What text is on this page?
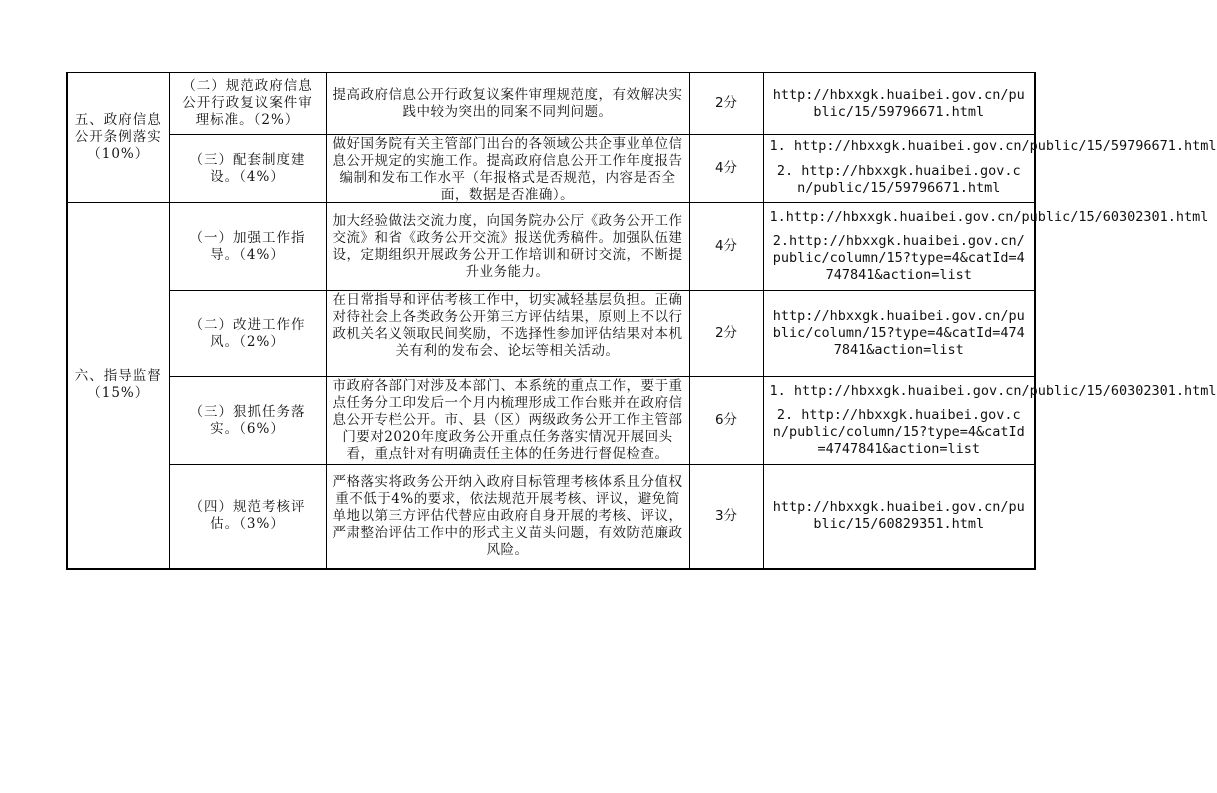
五、政府信息公开条例落实（10%）	（二）规范政府信息公开行政复议案件审理标准。（2%）	提高政府信息公开行政复议案件审理规范度，有效解决实践中较为突出的同案不同判问题。	2分	http://hbxxgk.huaibei.gov.cn/public/15/59796671.html
	（三）配套制度建设。（4%）	做好国务院有关主管部门出台的各领域公共企事业单位信息公开规定的实施工作。提高政府信息公开工作年度报告编制和发布工作水平（年报格式是否规范，内容是否全面，数据是否准确）。	4分	1. http://hbxxgk.huaibei.gov.cn/public/15/59796671.html
2. http://hbxxgk.huaibei.gov.cn/public/15/59796671.html

六、指导监督（15%）	（一）加强工作指导。（4%）	加大经验做法交流力度，向国务院办公厅《政务公开工作交流》和省《政务公开交流》报送优秀稿件。加强队伍建设，定期组织开展政务公开工作培训和研讨交流，不断提升业务能力。	4分	1.http://hbxxgk.huaibei.gov.cn/public/15/60302301.html
2.http://hbxxgk.huaibei.gov.cn/public/column/15?type=4&catId=4747841&action=list

	（二）改进工作作风。（2%）	在日常指导和评估考核工作中，切实减轻基层负担。正确对待社会上各类政务公开第三方评估结果，原则上不以行政机关名义领取民间奖励，不选择性参加评估结果对本机关有利的发布会、论坛等相关活动。	2分	http://hbxxgk.huaibei.gov.cn/public/column/15?type=4&catId=4747841&action=list
	（三）狠抓任务落实。（6%）	市政府各部门对涉及本部门、本系统的重点工作，要于重点任务分工印发后一个月内梳理形成工作台账并在政府信息公开专栏公开。市、县（区）两级政务公开工作主管部门要对2020年度政务公开重点任务落实情况开展回头看，重点针对有明确责任主体的任务进行督促检查。	6分	1. http://hbxxgk.huaibei.gov.cn/public/15/60302301.html
2. http://hbxxgk.huaibei.gov.cn/public/column/15?type=4&catId=4747841&action=list

	（四）规范考核评估。（3%）	严格落实将政务公开纳入政府目标管理考核体系且分值权重不低于4%的要求，依法规范开展考核、评议，避免简单地以第三方评估代替应由政府自身开展的考核、评议，严肃整治评估工作中的形式主义苗头问题，有效防范廉政风险。	3分	http://hbxxgk.huaibei.gov.cn/public/15/60829351.html
